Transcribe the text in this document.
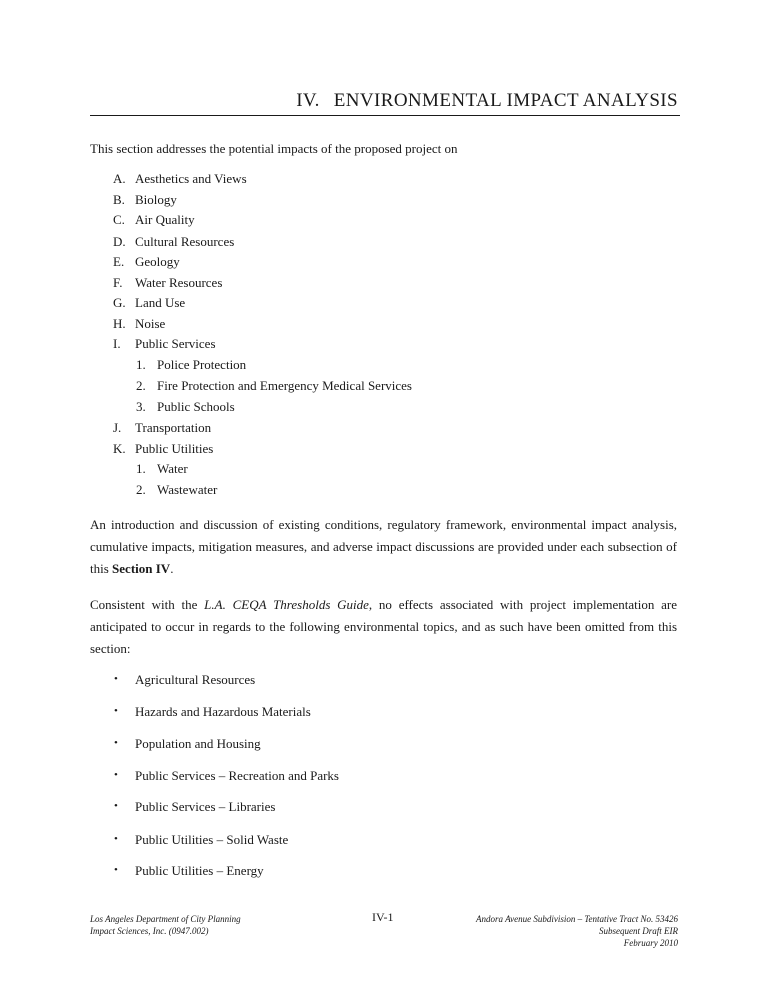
IV. ENVIRONMENTAL IMPACT ANALYSIS
This section addresses the potential impacts of the proposed project on
A. Aesthetics and Views
B. Biology
C. Air Quality
D. Cultural Resources
E. Geology
F. Water Resources
G. Land Use
H. Noise
I. Public Services
1. Police Protection
2. Fire Protection and Emergency Medical Services
3. Public Schools
J. Transportation
K. Public Utilities
1. Water
2. Wastewater
An introduction and discussion of existing conditions, regulatory framework, environmental impact analysis, cumulative impacts, mitigation measures, and adverse impact discussions are provided under each subsection of this Section IV.
Consistent with the L.A. CEQA Thresholds Guide, no effects associated with project implementation are anticipated to occur in regards to the following environmental topics, and as such have been omitted from this section:
• Agricultural Resources
• Hazards and Hazardous Materials
• Population and Housing
• Public Services – Recreation and Parks
• Public Services – Libraries
• Public Utilities – Solid Waste
• Public Utilities – Energy
Los Angeles Department of City Planning
Impact Sciences, Inc. (0947.002)
IV-1	Andora Avenue Subdivision – Tentative Tract No. 53426
Subsequent Draft EIR
February 2010
